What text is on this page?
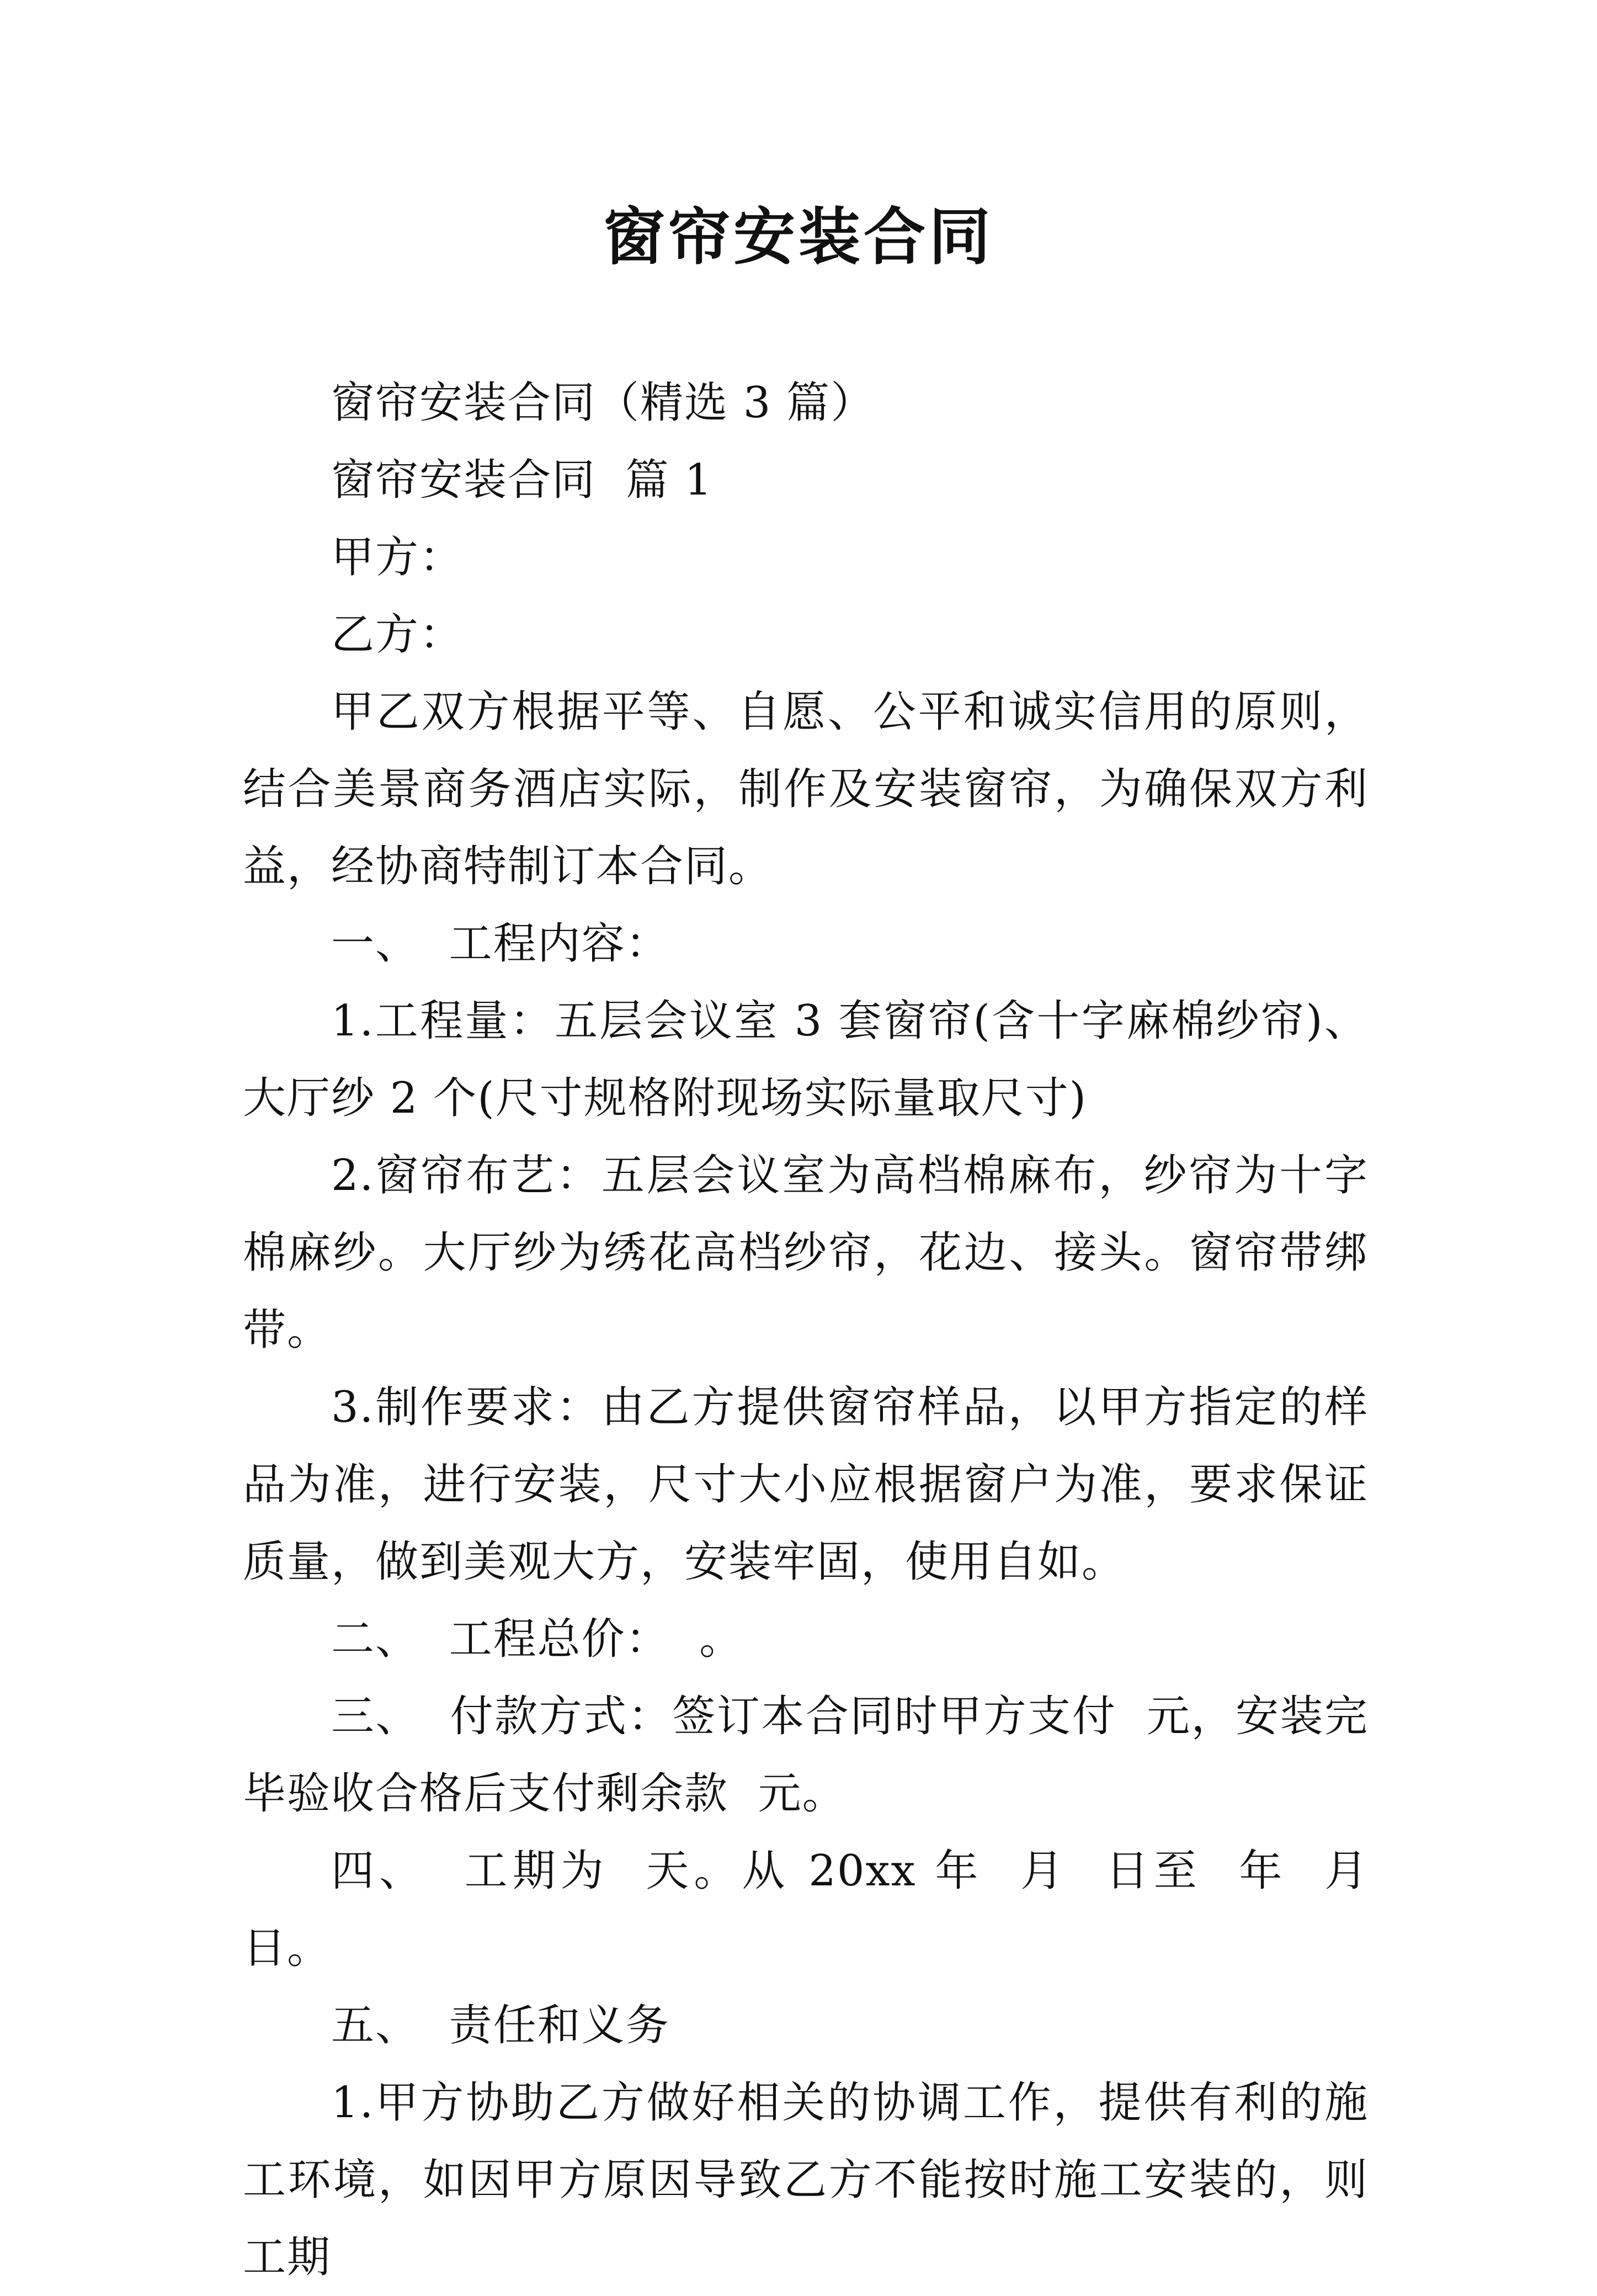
窗帘安装合同

窗帘安装合同（精选 3 篇）

窗帘安装合同  篇 1

甲方：

乙方：

甲乙双方根据平等、自愿、公平和诚实信用的原则，结合美景商务酒店实际，制作及安装窗帘，为确保双方利益，经协商特制订本合同。

一、  工程内容：

1.工程量：五层会议室 3 套窗帘(含十字麻棉纱帘)、大厅纱 2 个(尺寸规格附现场实际量取尺寸)

2.窗帘布艺：五层会议室为高档棉麻布，纱帘为十字棉麻纱。大厅纱为绣花高档纱帘，花边、接头。窗帘带绑带。

3.制作要求：由乙方提供窗帘样品，以甲方指定的样品为准，进行安装，尺寸大小应根据窗户为准，要求保证质量，做到美观大方，安装牢固，使用自如。

二、  工程总价：  。

三、  付款方式：签订本合同时甲方支付  元，安装完毕验收合格后支付剩余款  元。

四、  工期为  天。从 20xx 年  月  日至  年  月  日。

五、  责任和义务

1.甲方协助乙方做好相关的协调工作，提供有利的施工环境，如因甲方原因导致乙方不能按时施工安装的，则工期
